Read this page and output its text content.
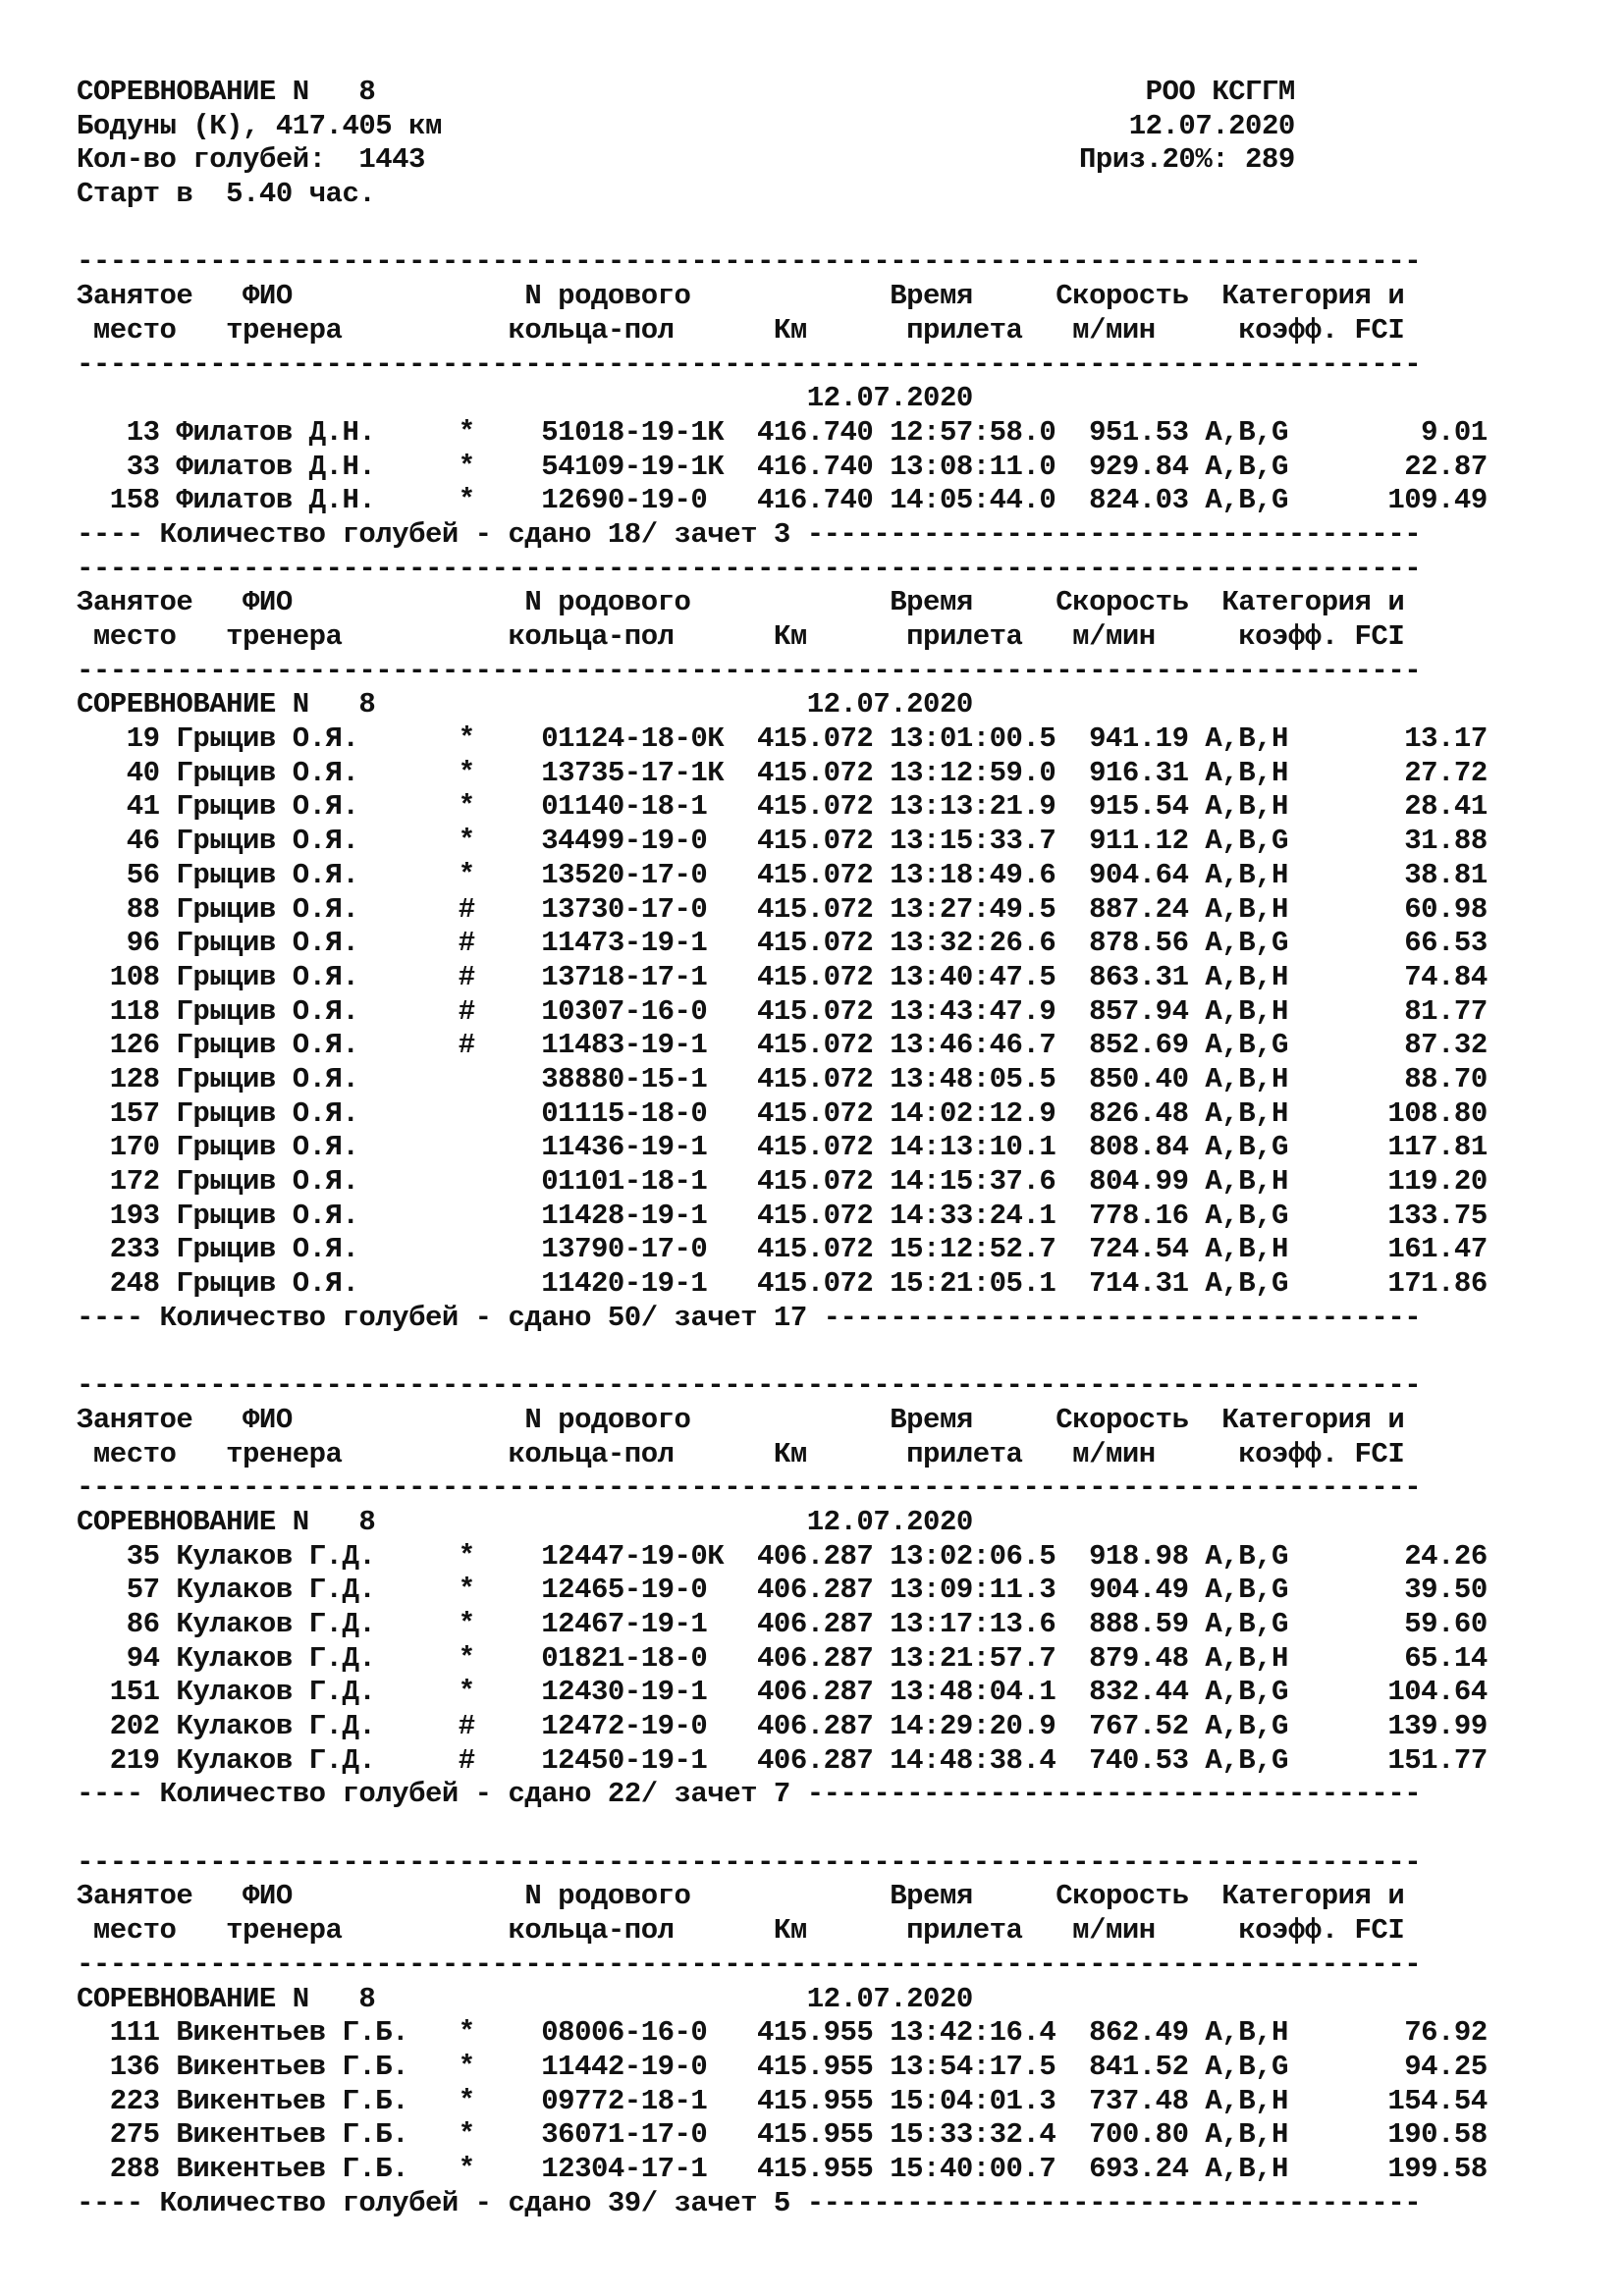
СОРЕВНОВАНИЕ N   8	РОО КСГГМ
Бодуны (К), 417.405 км	12.07.2020
Кол-во голубей:  1443	Приз.20%: 289
Старт в  5.40 час.

---------------------------------------------------------------------------------
Занятое   ФИО              N родового            Время     Скорость  Категория и
место   тренера          кольца-пол      Км      прилета   м/мин     коэфф. FCI
---------------------------------------------------------------------------------
12.07.2020
13 Филатов Д.Н.     *    51018-19-1К  416.740 12:57:58.0  951.53 A,B,G        9.01
33 Филатов Д.Н.     *    54109-19-1К  416.740 13:08:11.0  929.84 A,B,G       22.87
158 Филатов Д.Н.     *    12690-19-0   416.740 14:05:44.0  824.03 A,B,G      109.49
---- Количество голубей - сдано 18/ зачет 3 -------------------------------------
---------------------------------------------------------------------------------
Занятое   ФИО              N родового            Время     Скорость  Категория и
место   тренера          кольца-пол      Км      прилета   м/мин     коэфф. FCI
---------------------------------------------------------------------------------
СОРЕВНОВАНИЕ N   8                          12.07.2020
19 Грыцив О.Я.      *    01124-18-0К  415.072 13:01:00.5  941.19 A,B,H       13.17
40 Грыцив О.Я.      *    13735-17-1К  415.072 13:12:59.0  916.31 A,B,H       27.72
41 Грыцив О.Я.      *    01140-18-1   415.072 13:13:21.9  915.54 A,B,H       28.41
46 Грыцив О.Я.      *    34499-19-0   415.072 13:15:33.7  911.12 A,B,G       31.88
56 Грыцив О.Я.      *    13520-17-0   415.072 13:18:49.6  904.64 A,B,H       38.81
88 Грыцив О.Я.      #    13730-17-0   415.072 13:27:49.5  887.24 A,B,H       60.98
96 Грыцив О.Я.      #    11473-19-1   415.072 13:32:26.6  878.56 A,B,G       66.53
108 Грыцив О.Я.      #    13718-17-1   415.072 13:40:47.5  863.31 A,B,H       74.84
118 Грыцив О.Я.      #    10307-16-0   415.072 13:43:47.9  857.94 A,B,H       81.77
126 Грыцив О.Я.      #    11483-19-1   415.072 13:46:46.7  852.69 A,B,G       87.32
128 Грыцив О.Я.           38880-15-1   415.072 13:48:05.5  850.40 A,B,H       88.70
157 Грыцив О.Я.           01115-18-0   415.072 14:02:12.9  826.48 A,B,H      108.80
170 Грыцив О.Я.           11436-19-1   415.072 14:13:10.1  808.84 A,B,G      117.81
172 Грыцив О.Я.           01101-18-1   415.072 14:15:37.6  804.99 A,B,H      119.20
193 Грыцив О.Я.           11428-19-1   415.072 14:33:24.1  778.16 A,B,G      133.75
233 Грыцив О.Я.           13790-17-0   415.072 15:12:52.7  724.54 A,B,H      161.47
248 Грыцив О.Я.           11420-19-1   415.072 15:21:05.1  714.31 A,B,G      171.86
---- Количество голубей - сдано 50/ зачет 17 ------------------------------------

---------------------------------------------------------------------------------
Занятое   ФИО              N родового            Время     Скорость  Категория и
место   тренера          кольца-пол      Км      прилета   м/мин     коэфф. FCI
---------------------------------------------------------------------------------
СОРЕВНОВАНИЕ N   8                          12.07.2020
35 Кулаков Г.Д.     *    12447-19-0К  406.287 13:02:06.5  918.98 A,B,G       24.26
57 Кулаков Г.Д.     *    12465-19-0   406.287 13:09:11.3  904.49 A,B,G       39.50
86 Кулаков Г.Д.     *    12467-19-1   406.287 13:17:13.6  888.59 A,B,G       59.60
94 Кулаков Г.Д.     *    01821-18-0   406.287 13:21:57.7  879.48 A,B,H       65.14
151 Кулаков Г.Д.     *    12430-19-1   406.287 13:48:04.1  832.44 A,B,G      104.64
202 Кулаков Г.Д.     #    12472-19-0   406.287 14:29:20.9  767.52 A,B,G      139.99
219 Кулаков Г.Д.     #    12450-19-1   406.287 14:48:38.4  740.53 A,B,G      151.77
---- Количество голубей - сдано 22/ зачет 7 -------------------------------------

---------------------------------------------------------------------------------
Занятое   ФИО              N родового            Время     Скорость  Категория и
место   тренера          кольца-пол      Км      прилета   м/мин     коэфф. FCI
---------------------------------------------------------------------------------
СОРЕВНОВАНИЕ N   8                          12.07.2020
111 Викентьев Г.Б.   *    08006-16-0   415.955 13:42:16.4  862.49 A,B,H       76.92
136 Викентьев Г.Б.   *    11442-19-0   415.955 13:54:17.5  841.52 A,B,G       94.25
223 Викентьев Г.Б.   *    09772-18-1   415.955 15:04:01.3  737.48 A,B,H      154.54
275 Викентьев Г.Б.   *    36071-17-0   415.955 15:33:32.4  700.80 A,B,H      190.58
288 Викентьев Г.Б.   *    12304-17-1   415.955 15:40:00.7  693.24 A,B,H      199.58
---- Количество голубей - сдано 39/ зачет 5 -------------------------------------
